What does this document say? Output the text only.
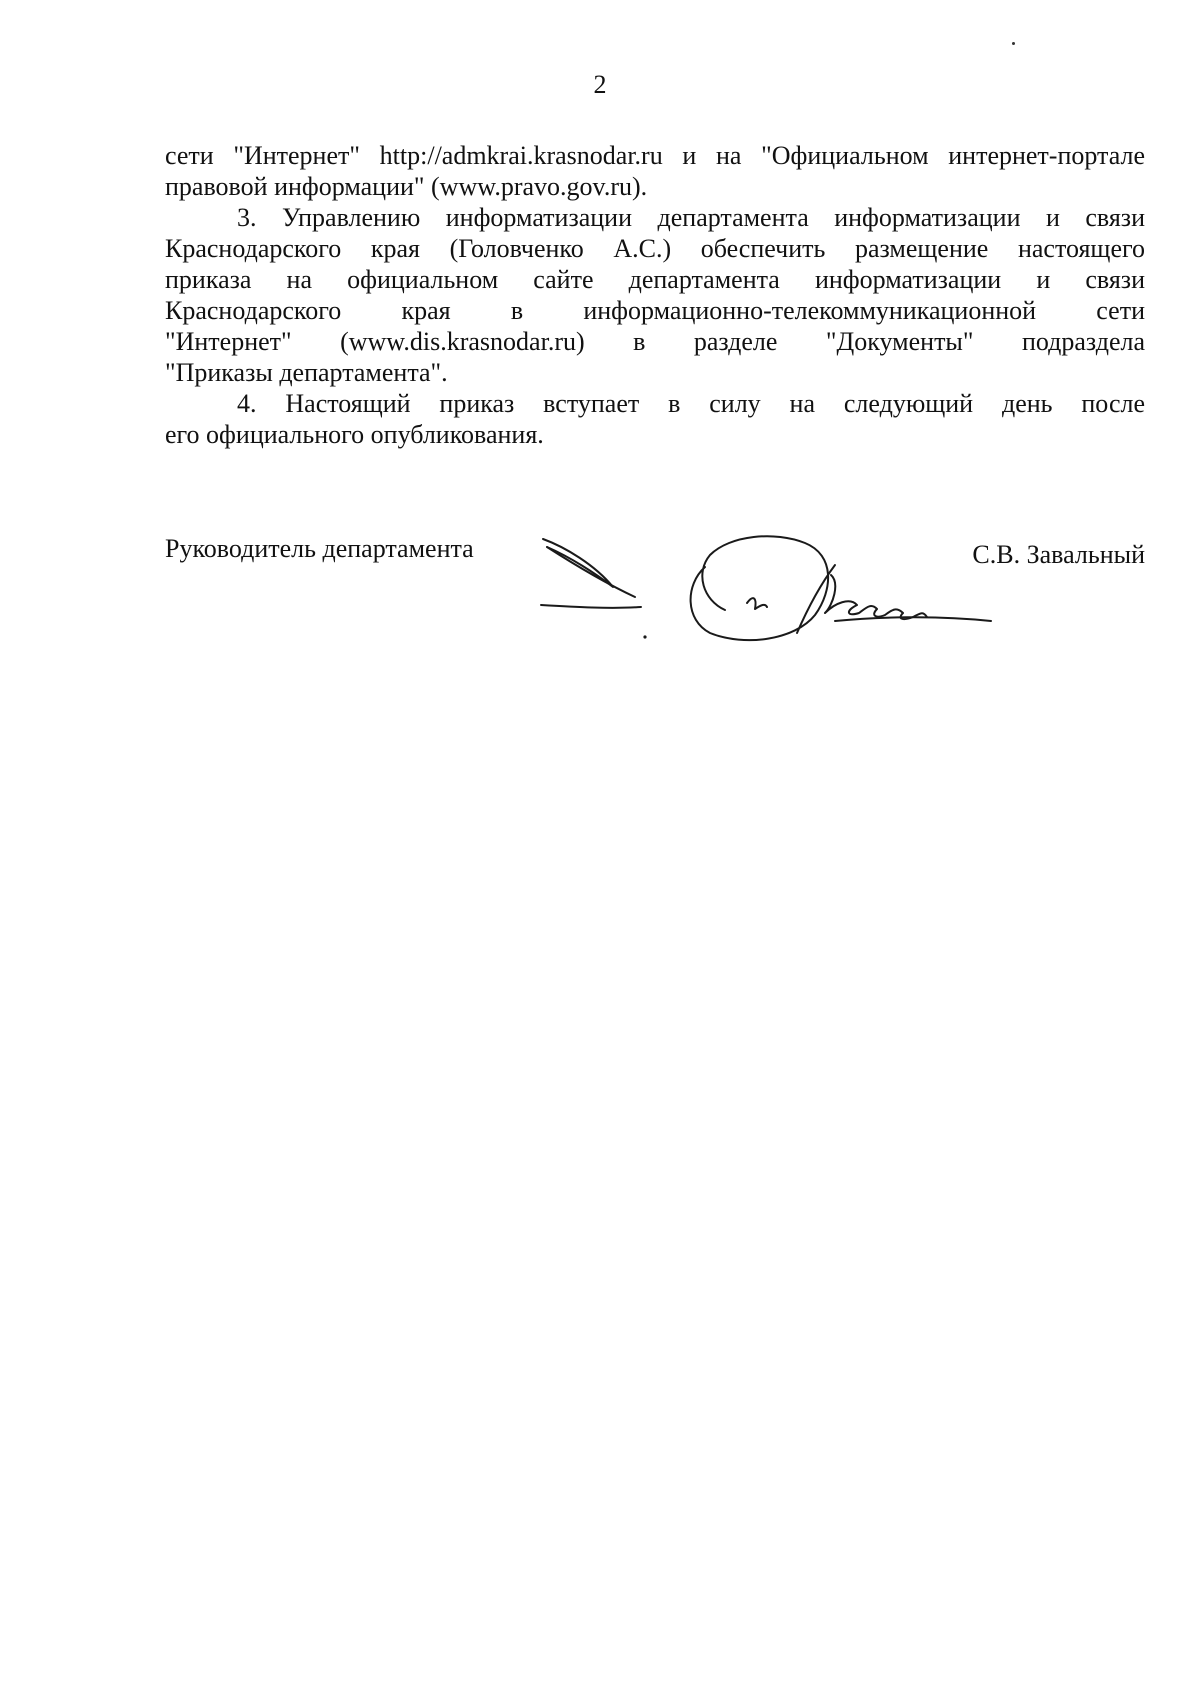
2

сети "Интернет" http://admkrai.krasnodar.ru и на "Официальном интернет-портале
правовой информации" (www.pravo.gov.ru).

3. Управлению информатизации департамента информатизации и связи
Краснодарского края (Головченко А.С.) обеспечить размещение настоящего
приказа на официальном сайте департамента информатизации и связи
Краснодарского края в информационно-телекоммуникационной сети
"Интернет" (www.dis.krasnodar.ru) в разделе "Документы" подраздела
"Приказы департамента".

4. Настоящий приказ вступает в силу на следующий день после
его официального опубликования.

Руководитель департамента	С.В. Завальный
